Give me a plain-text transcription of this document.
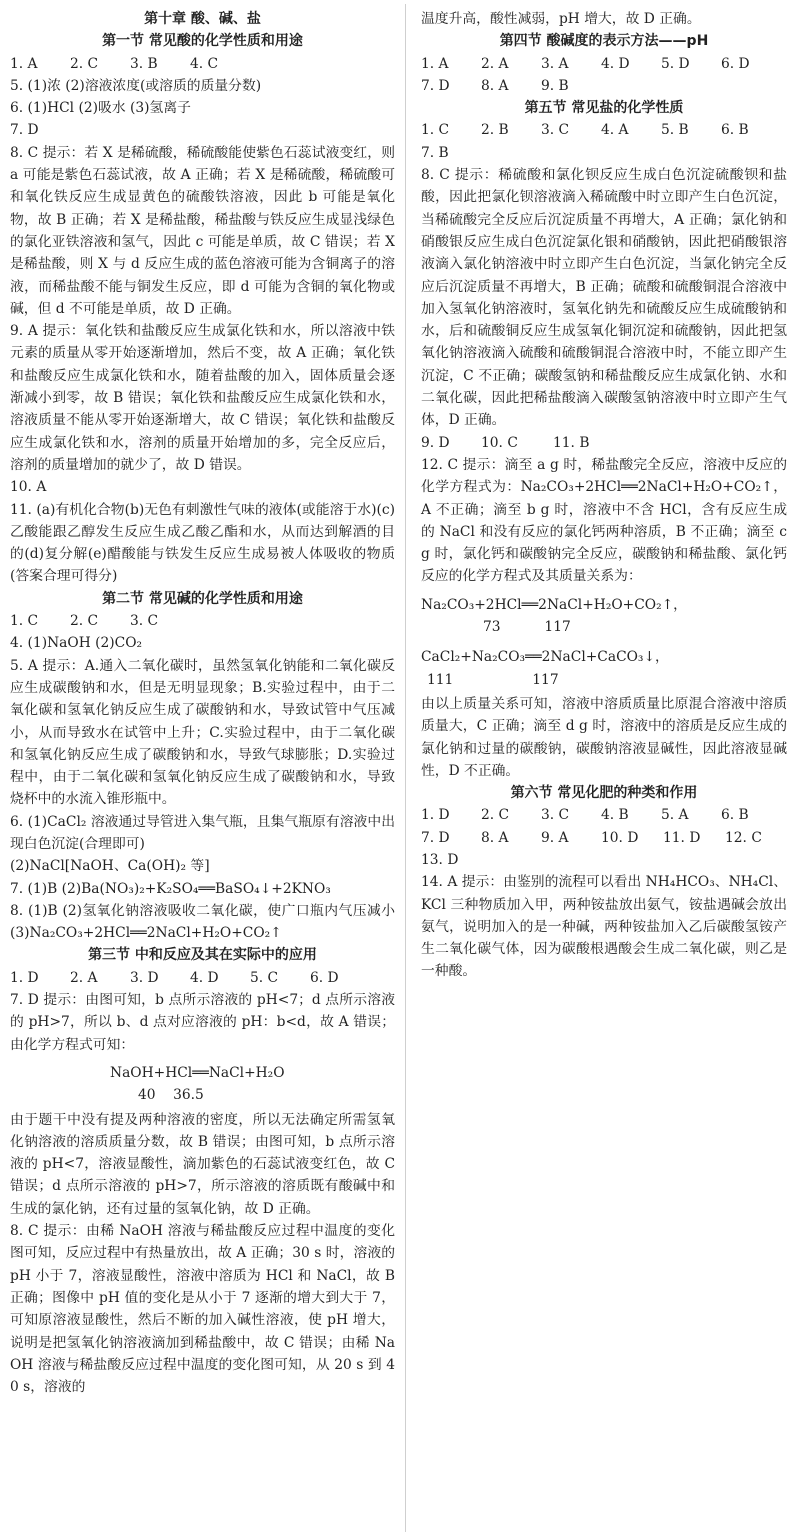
第十章 酸、碱、盐
第一节 常见酸的化学性质和用途
1. A	2. C	3. B	4. C
5. (1)浓 (2)溶液浓度(或溶质的质量分数)
6. (1)HCl (2)吸水 (3)氢离子
7. D
8. C 提示：若 X 是稀硫酸，稀硫酸能使紫色石蕊试液变红，则 a 可能是紫色石蕊试液，故 A 正确；若 X 是稀硫酸，稀硫酸可和氧化铁反应生成显黄色的硫酸铁溶液，因此 b 可能是氧化物，故 B 正确；若 X 是稀盐酸，稀盐酸与铁反应生成显浅绿色的氯化亚铁溶液和氢气，因此 c 可能是单质，故 C 错误；若 X 是稀盐酸，则 X 与 d 反应生成的蓝色溶液可能为含铜离子的溶液，而稀盐酸不能与铜发生反应，即 d 可能为含铜的氧化物或碱，但 d 不可能是单质，故 D 正确。
9. A 提示：氧化铁和盐酸反应生成氯化铁和水，所以溶液中铁元素的质量从零开始逐渐增加，然后不变，故 A 正确；氧化铁和盐酸反应生成氯化铁和水，随着盐酸的加入，固体质量会逐渐减小到零，故 B 错误；氧化铁和盐酸反应生成氯化铁和水，溶液质量不能从零开始逐渐增大，故 C 错误；氧化铁和盐酸反应生成氯化铁和水，溶剂的质量开始增加的多，完全反应后，溶剂的质量增加的就少了，故 D 错误。
10. A
11. (a)有机化合物(b)无色有刺激性气味的液体(或能溶于水)(c)乙酸能跟乙醇发生反应生成乙酸乙酯和水，从而达到解酒的目的(d)复分解(e)醋酸能与铁发生反应生成易被人体吸收的物质(答案合理可得分)
第二节 常见碱的化学性质和用途
1. C	2. C	3. C
4. (1)NaOH (2)CO₂
5. A 提示：A.通入二氧化碳时，虽然氢氧化钠能和二氧化碳反应生成碳酸钠和水，但是无明显现象；B.实验过程中，由于二氧化碳和氢氧化钠反应生成了碳酸钠和水，导致试管中气压减小，从而导致水在试管中上升；C.实验过程中，由于二氧化碳和氢氧化钠反应生成了碳酸钠和水，导致气球膨胀；D.实验过程中，由于二氧化碳和氢氧化钠反应生成了碳酸钠和水，导致烧杯中的水流入锥形瓶中。
6. (1)CaCl₂ 溶液通过导管进入集气瓶，且集气瓶原有溶液中出现白色沉淀(合理即可)
(2)NaCl[NaOH、Ca(OH)₂ 等]
7. (1)B (2)Ba(NO₃)₂+K₂SO₄══BaSO₄↓+2KNO₃
8. (1)B (2)氢氧化钠溶液吸收二氧化碳，使广口瓶内气压减小 (3)Na₂CO₃+2HCl══2NaCl+H₂O+CO₂↑
第三节 中和反应及其在实际中的应用
1. D	2. A	3. D	4. D	5. C	6. D
7. D 提示：由图可知，b 点所示溶液的 pH<7；d 点所示溶液的 pH>7，所以 b、d 点对应溶液的 pH：b<d，故 A 错误；由化学方程式可知：
NaOH+HCl══NaCl+H₂O
40    36.5
由于题干中没有提及两种溶液的密度，所以无法确定所需氢氧化钠溶液的溶质质量分数，故 B 错误；由图可知，b 点所示溶液的 pH<7，溶液显酸性，滴加紫色的石蕊试液变红色，故 C 错误；d 点所示溶液的 pH>7，所示溶液的溶质既有酸碱中和生成的氯化钠，还有过量的氢氧化钠，故 D 正确。
8. C 提示：由稀 NaOH 溶液与稀盐酸反应过程中温度的变化图可知，反应过程中有热量放出，故 A 正确；30 s 时，溶液的 pH 小于 7，溶液显酸性，溶液中溶质为 HCl 和 NaCl，故 B 正确；图像中 pH 值的变化是从小于 7 逐渐的增大到大于 7，可知原溶液显酸性，然后不断的加入碱性溶液，使 pH 增大，说明是把氢氧化钠溶液滴加到稀盐酸中，故 C 错误；由稀 NaOH 溶液与稀盐酸反应过程中温度的变化图可知，从 20 s 到 40 s，溶液的
温度升高，酸性减弱，pH 增大，故 D 正确。
第四节 酸碱度的表示方法——pH
1. A	2. A	3. A	4. D	5. D	6. D
7. D	8. A	9. B
第五节 常见盐的化学性质
1. C	2. B	3. C	4. A	5. B	6. B
7. B
8. C 提示：稀硫酸和氯化钡反应生成白色沉淀硫酸钡和盐酸，因此把氯化钡溶液滴入稀硫酸中时立即产生白色沉淀，当稀硫酸完全反应后沉淀质量不再增大，A 正确；氯化钠和硝酸银反应生成白色沉淀氯化银和硝酸钠，因此把硝酸银溶液滴入氯化钠溶液中时立即产生白色沉淀，当氯化钠完全反应后沉淀质量不再增大，B 正确；硫酸和硫酸铜混合溶液中加入氢氧化钠溶液时，氢氧化钠先和硫酸反应生成硫酸钠和水，后和硫酸铜反应生成氢氧化铜沉淀和硫酸钠，因此把氢氧化钠溶液滴入硫酸和硫酸铜混合溶液中时，不能立即产生沉淀，C 不正确；碳酸氢钠和稀盐酸反应生成氯化钠、水和二氧化碳，因此把稀盐酸滴入碳酸氢钠溶液中时立即产生气体，D 正确。
9. D	10. C	11. B
12. C 提示：滴至 a g 时，稀盐酸完全反应，溶液中反应的化学方程式为：Na₂CO₃+2HCl══2NaCl+H₂O+CO₂↑，A 不正确；滴至 b g 时，溶液中不含 HCl，含有反应生成的 NaCl 和没有反应的氯化钙两种溶质，B 不正确；滴至 c g 时，氯化钙和碳酸钠完全反应，碳酸钠和稀盐酸、氯化钙反应的化学方程式及其质量关系为：
Na₂CO₃+2HCl══2NaCl+H₂O+CO₂↑，
73          117
CaCl₂+Na₂CO₃══2NaCl+CaCO₃↓，
111                  117
由以上质量关系可知，溶液中溶质质量比原混合溶液中溶质质量大，C 正确；滴至 d g 时，溶液中的溶质是反应生成的氯化钠和过量的碳酸钠，碳酸钠溶液显碱性，因此溶液显碱性，D 不正确。
第六节 常见化肥的种类和作用
1. D	2. C	3. C	4. B	5. A	6. B
7. D	8. A	9. A	10. D	11. D	12. C
13. D
14. A 提示：由鉴别的流程可以看出 NH₄HCO₃、NH₄Cl、KCl 三种物质加入甲，两种铵盐放出氨气，铵盐遇碱会放出氨气，说明加入的是一种碱，两种铵盐加入乙后碳酸氢铵产生二氧化碳气体，因为碳酸根遇酸会生成二氧化碳，则乙是一种酸。
